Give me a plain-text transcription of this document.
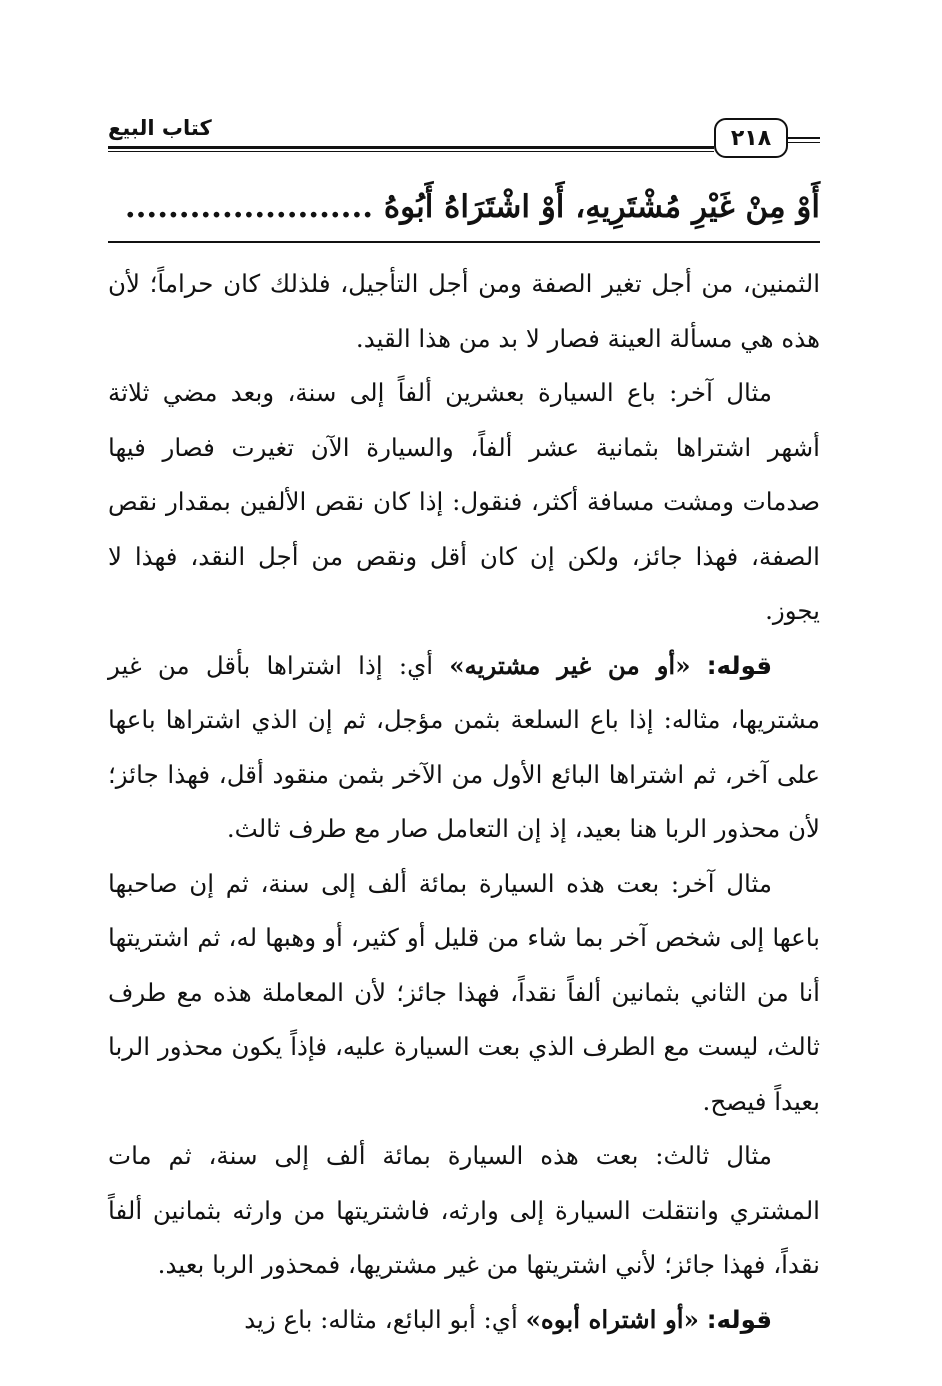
كتاب البيع	٢١٨
أَوْ مِنْ غَيْرِ مُشْتَرِيهِ، أَوْ اشْتَرَاهُ أَبُوهُ .......................

الثمنين، من أجل تغير الصفة ومن أجل التأجيل، فلذلك كان حراماً؛ لأن هذه هي مسألة العينة فصار لا بد من هذا القيد.

مثال آخر: باع السيارة بعشرين ألفاً إلى سنة، وبعد مضي ثلاثة أشهر اشتراها بثمانية عشر ألفاً، والسيارة الآن تغيرت فصار فيها صدمات ومشت مسافة أكثر، فنقول: إذا كان نقص الألفين بمقدار نقص الصفة، فهذا جائز، ولكن إن كان أقل ونقص من أجل النقد، فهذا لا يجوز.

قوله: «أو من غير مشتريه» أي: إذا اشتراها بأقل من غير مشتريها، مثاله: إذا باع السلعة بثمن مؤجل، ثم إن الذي اشتراها باعها على آخر، ثم اشتراها البائع الأول من الآخر بثمن منقود أقل، فهذا جائز؛ لأن محذور الربا هنا بعيد، إذ إن التعامل صار مع طرف ثالث.

مثال آخر: بعت هذه السيارة بمائة ألف إلى سنة، ثم إن صاحبها باعها إلى شخص آخر بما شاء من قليل أو كثير، أو وهبها له، ثم اشتريتها أنا من الثاني بثمانين ألفاً نقداً، فهذا جائز؛ لأن المعاملة هذه مع طرف ثالث، ليست مع الطرف الذي بعت السيارة عليه، فإذاً يكون محذور الربا بعيداً فيصح.

مثال ثالث: بعت هذه السيارة بمائة ألف إلى سنة، ثم مات المشتري وانتقلت السيارة إلى وارثه، فاشتريتها من وارثه بثمانين ألفاً نقداً، فهذا جائز؛ لأني اشتريتها من غير مشتريها، فمحذور الربا بعيد.

قوله: «أو اشتراه أبوه» أي: أبو البائع، مثاله: باع زيد
